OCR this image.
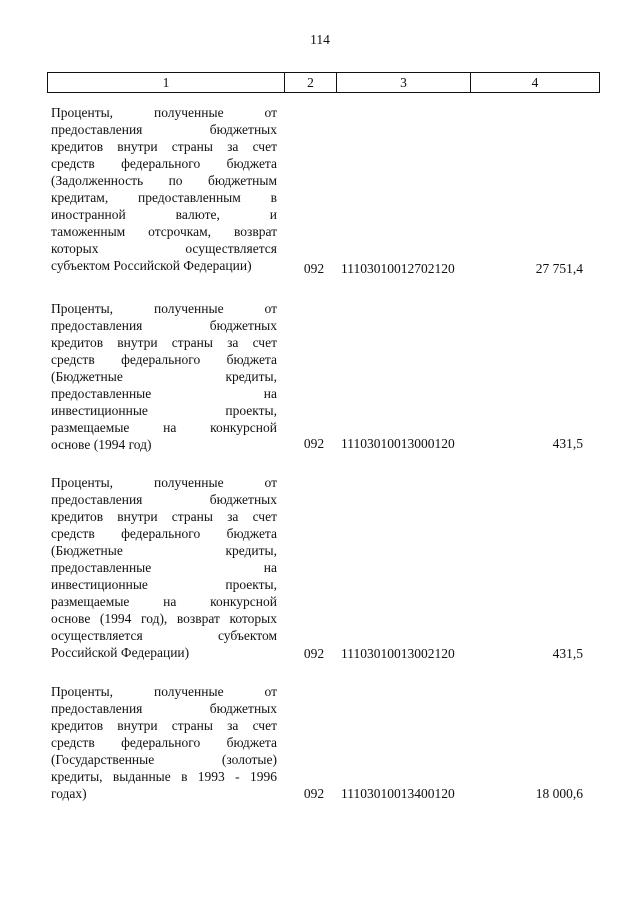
114
1	2	3	4
Проценты, полученные от
предоставления бюджетных
кредитов внутри страны за счет
средств федерального бюджета
(Задолженность по бюджетным
кредитам, предоставленным в
иностранной валюте, и
таможенным отсрочкам, возврат
которых осуществляется
субъектом Российской Федерации)	092	11103010012702120	27 751,4
Проценты, полученные от
предоставления бюджетных
кредитов внутри страны за счет
средств федерального бюджета
(Бюджетные кредиты,
предоставленные на
инвестиционные проекты,
размещаемые на конкурсной
основе (1994 год)	092	11103010013000120	431,5
Проценты, полученные от
предоставления бюджетных
кредитов внутри страны за счет
средств федерального бюджета
(Бюджетные кредиты,
предоставленные на
инвестиционные проекты,
размещаемые на конкурсной
основе (1994 год), возврат которых
осуществляется субъектом
Российской Федерации)	092	11103010013002120	431,5
Проценты, полученные от
предоставления бюджетных
кредитов внутри страны за счет
средств федерального бюджета
(Государственные (золотые)
кредиты, выданные в 1993 - 1996
годах)	092	11103010013400120	18 000,6
